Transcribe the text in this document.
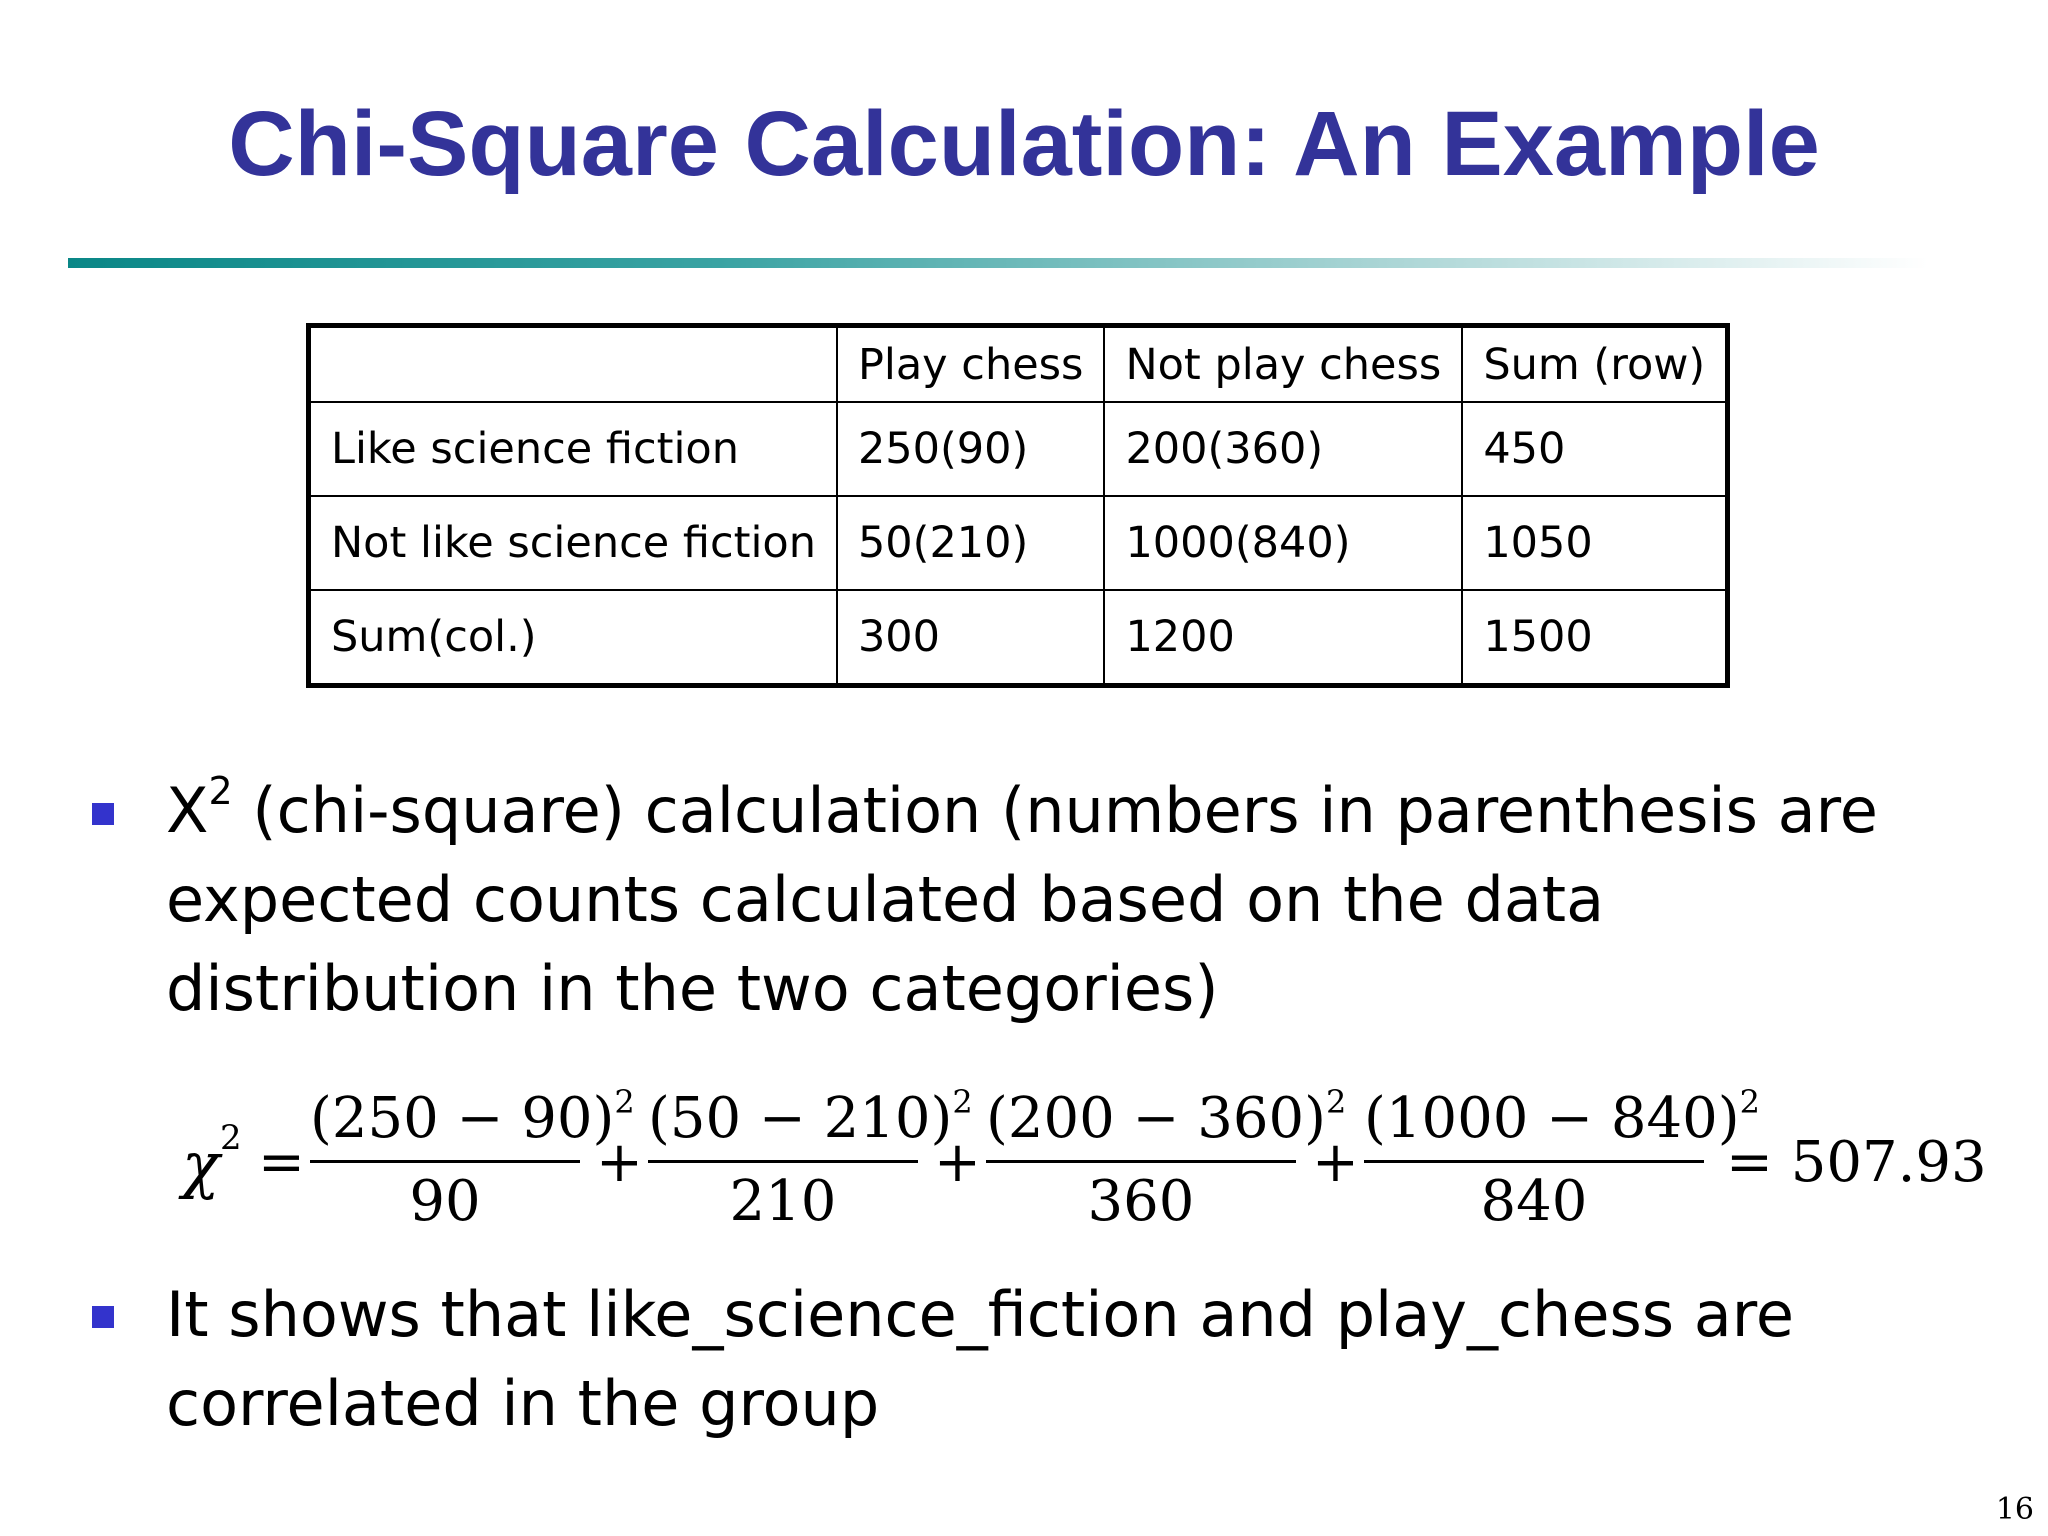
Chi-Square Calculation: An Example
	Play chess	Not play chess	Sum (row)
Like science fiction	250(90)	200(360)	450
Not like science fiction	50(210)	1000(840)	1050
Sum(col.)	300	1200	1500
$X^2$ (chi-square) calculation (numbers in parenthesis are expected counts calculated based on the data distribution in the two categories)
χ 2 =
$(250 - 90)^2$
90
+
$(50 - 210)^2$
210
+
$(200 - 360)^2$
360
+
$(1000 - 840)^2$
840
= 507.93
It shows that like_science_fiction and play_chess are correlated in the group
16
